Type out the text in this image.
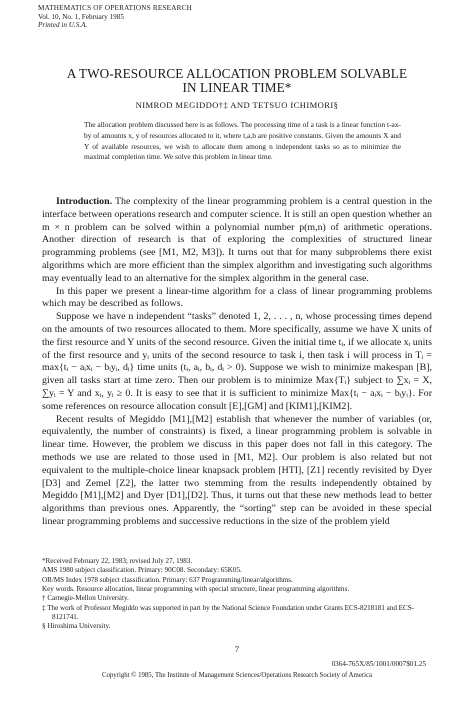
MATHEMATICS OF OPERATIONS RESEARCH
Vol. 10, No. 1, February 1985
Printed in U.S.A.
A TWO-RESOURCE ALLOCATION PROBLEM SOLVABLE
IN LINEAR TIME*
NIMROD MEGIDDO†‡ AND TETSUO ICHIMORI§
The allocation problem discussed here is as follows. The processing time of a task is a linear function t-ax-by of amounts x, y of resources allocated to it, where t,a,b are positive constants. Given the amounts X and Y of available resources, we wish to allocate them among n independent tasks so as to minimize the maximal completion time. We solve this problem in linear time.

Introduction. The complexity of the linear programming problem is a central question in the interface between operations research and computer science. It is still an open question whether an m × n problem can be solved within a polynomial number p(m,n) of arithmetic operations. Another direction of research is that of exploring the complexities of structured linear programming problems (see [M1, M2, M3]). It turns out that for many subproblems there exist algorithms which are more efficient than the simplex algorithm and investigating such algorithms may eventually lead to an alternative for the simplex algorithm in the general case.

In this paper we present a linear-time algorithm for a class of linear programming problems which may be described as follows.

Suppose we have n independent “tasks” denoted 1, 2, . . . , n, whose processing times depend on the amounts of two resources allocated to them. More specifically, assume we have X units of the first resource and Y units of the second resource. Given the initial time tᵢ, if we allocate xᵢ units of the first resource and yᵢ units of the second resource to task i, then task i will process in Tᵢ = max{tᵢ − aᵢxᵢ − bᵢyᵢ, dᵢ} time units (tᵢ, aᵢ, bᵢ, dᵢ > 0). Suppose we wish to minimize makespan [B], given all tasks start at time zero. Then our problem is to minimize Max{Tᵢ} subject to ∑xᵢ = X, ∑yᵢ = Y and xᵢ, yᵢ ≥ 0. It is easy to see that it is sufficient to minimize Max{tᵢ − aᵢxᵢ − bᵢyᵢ}. For some references on resource allocation consult [E],[GM] and [KIM1],[KIM2].

Recent results of Megiddo [M1],[M2] establish that whenever the number of variables (or, equivalently, the number of constraints) is fixed, a linear programming problem is solvable in linear time. However, the problem we discuss in this paper does not fall in this category. The methods we use are related to those used in [M1, M2]. Our problem is also related but not equivalent to the multiple-choice linear knapsack problem [HTI], [Z1] recently revisited by Dyer [D3] and Zemel [Z2], the latter two stemming from the results independently obtained by Megiddo [M1],[M2] and Dyer [D1],[D2]. Thus, it turns out that these new methods lead to better algorithms than previous ones. Apparently, the “sorting” step can be avoided in these special linear programming problems and successive reductions in the size of the problem yield

*Received February 22, 1983; revised July 27, 1983.
AMS 1980 subject classification. Primary: 90C08. Secondary: 65K05.
OR/MS Index 1978 subject classification. Primary: 637 Programming/linear/algorithms.
Key words. Resource allocation, linear programming with special structure, linear programming algorithms.
† Carnegie-Mellon University.
‡ The work of Professor Megiddo was supported in part by the National Science Foundation under Grants ECS-8218181 and ECS-8121741.
§ Hiroshima University.
7
0364-765X/85/1001/0007$01.25
Copyright © 1985, The Institute of Management Sciences/Operations Research Society of America
